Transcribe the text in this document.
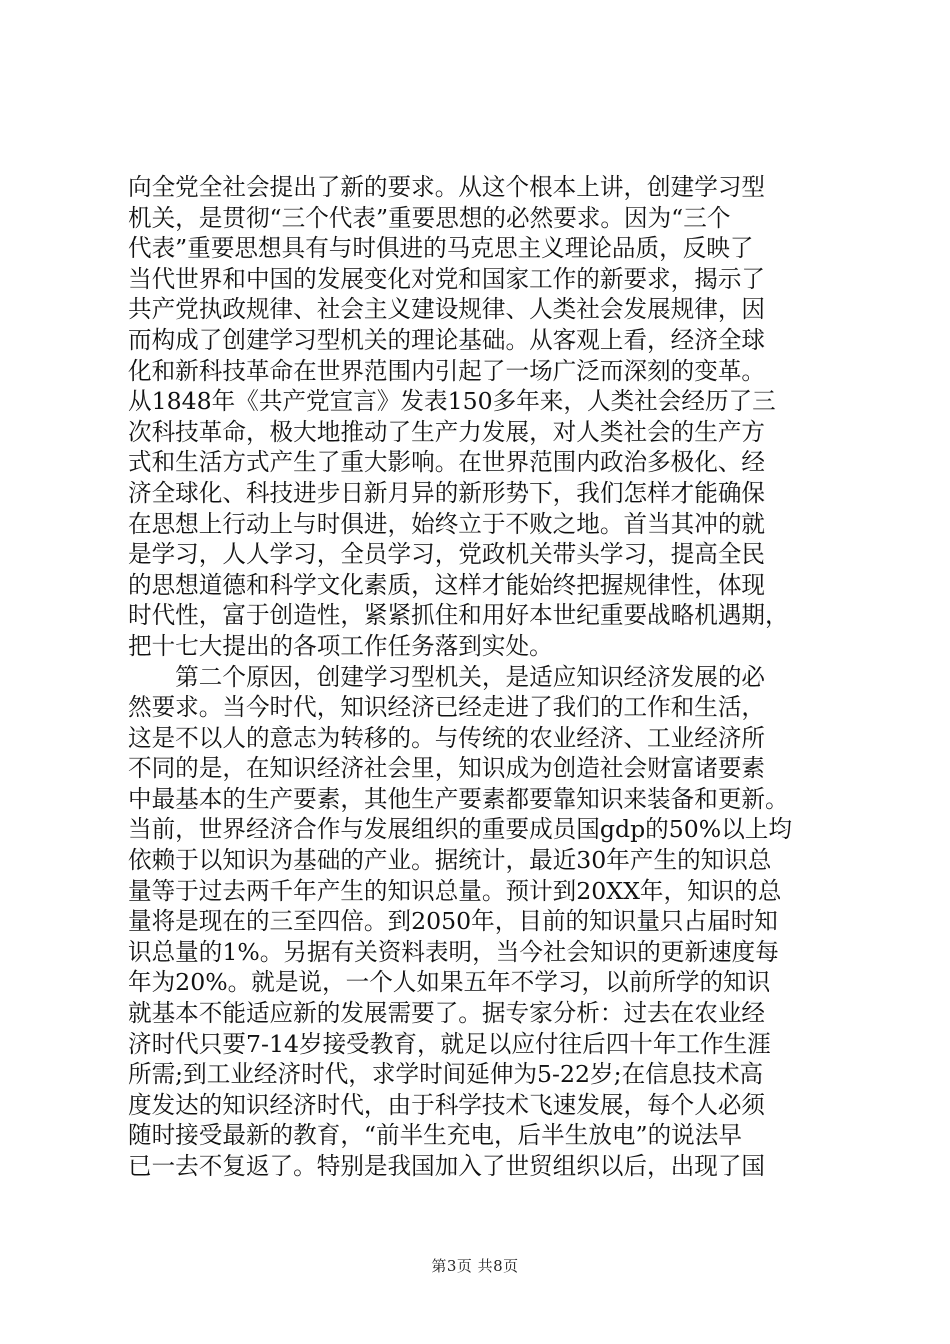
向全党全社会提出了新的要求。从这个根本上讲，创建学习型
机关，是贯彻“三个代表”重要思想的必然要求。因为“三个
代表”重要思想具有与时俱进的马克思主义理论品质，反映了
当代世界和中国的发展变化对党和国家工作的新要求，揭示了
共产党执政规律、社会主义建设规律、人类社会发展规律，因
而构成了创建学习型机关的理论基础。从客观上看，经济全球
化和新科技革命在世界范围内引起了一场广泛而深刻的变革。
从1848年《共产党宣言》发表150多年来，人类社会经历了三
次科技革命，极大地推动了生产力发展，对人类社会的生产方
式和生活方式产生了重大影响。在世界范围内政治多极化、经
济全球化、科技进步日新月异的新形势下，我们怎样才能确保
在思想上行动上与时俱进，始终立于不败之地。首当其冲的就
是学习，人人学习，全员学习，党政机关带头学习，提高全民
的思想道德和科学文化素质，这样才能始终把握规律性，体现
时代性，富于创造性，紧紧抓住和用好本世纪重要战略机遇期，
把十七大提出的各项工作任务落到实处。
　　第二个原因，创建学习型机关，是适应知识经济发展的必
然要求。当今时代，知识经济已经走进了我们的工作和生活，
这是不以人的意志为转移的。与传统的农业经济、工业经济所
不同的是，在知识经济社会里，知识成为创造社会财富诸要素
中最基本的生产要素，其他生产要素都要靠知识来装备和更新。
当前，世界经济合作与发展组织的重要成员国gdp的50%以上均
依赖于以知识为基础的产业。据统计，最近30年产生的知识总
量等于过去两千年产生的知识总量。预计到20XX年，知识的总
量将是现在的三至四倍。到2050年，目前的知识量只占届时知
识总量的1%。另据有关资料表明，当今社会知识的更新速度每
年为20%。就是说，一个人如果五年不学习，以前所学的知识
就基本不能适应新的发展需要了。据专家分析：过去在农业经
济时代只要7-14岁接受教育，就足以应付往后四十年工作生涯
所需;到工业经济时代，求学时间延伸为5-22岁;在信息技术高
度发达的知识经济时代，由于科学技术飞速发展，每个人必须
随时接受最新的教育，“前半生充电，后半生放电”的说法早
已一去不复返了。特别是我国加入了世贸组织以后，出现了国
第3页 共8页
